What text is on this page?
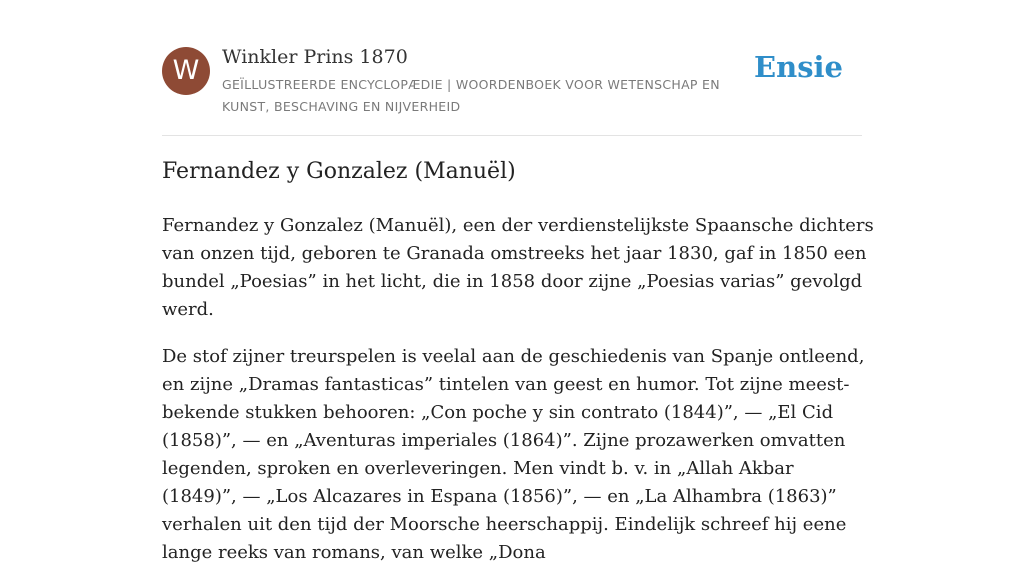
W	Winkler Prins 1870
GEÏLLUSTREERDE ENCYCLOPÆDIE | WOORDENBOEK VOOR WETENSCHAP EN KUNST, BESCHAVING EN NIJVERHEID
Ensie
Fernandez y Gonzalez (Manuël)

Fernandez y Gonzalez (Manuël), een der verdienstelijkste Spaansche dichters van onzen tijd, geboren te Granada omstreeks het jaar 1830, gaf in 1850 een bundel „Poesias” in het licht, die in 1858 door zijne „Poesias varias” gevolgd werd.

De stof zijner treurspelen is veelal aan de geschiedenis van Spanje ontleend, en zijne „Dramas fantasticas” tintelen van geest en humor. Tot zijne meest-bekende stukken behooren: „Con poche y sin contrato (1844)”, — „El Cid (1858)”, — en „Aventuras imperiales (1864)”. Zijne prozawerken omvatten legenden, sproken en overleveringen. Men vindt b. v. in „Allah Akbar (1849)”, — „Los Alcazares in Espana (1856)”, — en „La Alhambra (1863)” verhalen uit den tijd der Moorsche heerschappij. Eindelijk schreef hij eene lange reeks van romans, van welke „Dona
